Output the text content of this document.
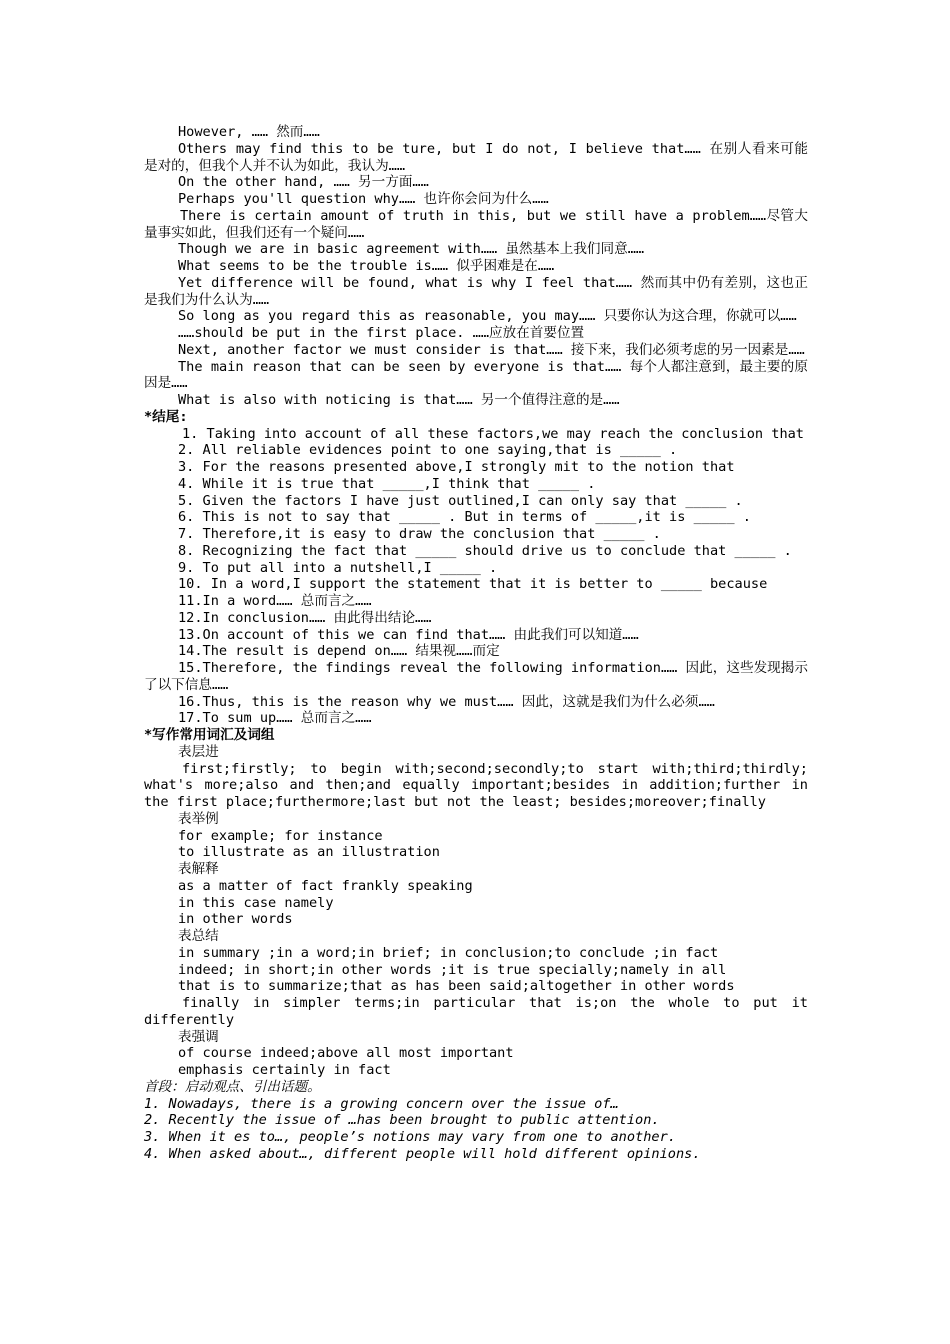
However, …… 然而……
Others may find this to be ture, but I do not, I believe that…… 在别人看来可能是对的，但我个人并不认为如此，我认为……
On the other hand, …… 另一方面……
Perhaps you'll question why…… 也许你会问为什么……
There is certain amount of truth in this, but we still have a problem……尽管大量事实如此，但我们还有一个疑问……
Though we are in basic agreement with…… 虽然基本上我们同意……
What seems to be the trouble is…… 似乎困难是在……
Yet difference will be found, what is why I feel that…… 然而其中仍有差别，这也正是我们为什么认为……
So long as you regard this as reasonable, you may…… 只要你认为这合理，你就可以……
……should be put in the first place. ……应放在首要位置
Next, another factor we must consider is that…… 接下来，我们必须考虑的另一因素是……
The main reason that can be seen by everyone is that…… 每个人都注意到，最主要的原因是……
What is also with noticing is that…… 另一个值得注意的是……
*结尾:
1. Taking into account of all these factors,we may reach the conclusion that
2. All reliable evidences point to one saying,that is _____ .
3. For the reasons presented above,I strongly mit to the notion that
4. While it is true that _____,I think that _____ .
5. Given the factors I have just outlined,I can only say that _____ .
6. This is not to say that _____ . But in terms of _____,it is _____ .
7. Therefore,it is easy to draw the conclusion that _____ .
8. Recognizing the fact that _____ should drive us to conclude that _____ .
9. To put all into a nutshell,I _____ .
10. In a word,I support the statement that it is better to _____ because
11.In a word…… 总而言之……
12.In conclusion…… 由此得出结论……
13.On account of this we can find that…… 由此我们可以知道……
14.The result is depend on…… 结果视……而定
15.Therefore, the findings reveal the following information…… 因此，这些发现揭示了以下信息……
16.Thus, this is the reason why we must…… 因此，这就是我们为什么必须……
17.To sum up…… 总而言之……
*写作常用词汇及词组
表层进
first;firstly; to begin with;second;secondly;to start with;third;thirdly; what's more;also and then;and equally important;besides in addition;further in the first place;furthermore;last but not the least; besides;moreover;finally
表举例
for example; for instance
to illustrate as an illustration
表解释
as a matter of fact frankly speaking
in this case namely
in other words
表总结
in summary ;in a word;in brief; in conclusion;to conclude ;in fact
indeed; in short;in other words ;it is true specially;namely in all
that is to summarize;that as has been said;altogether in other words
finally in simpler terms;in particular that is;on the whole to put it differently
表强调
of course indeed;above all most important
emphasis certainly in fact
首段：启动观点、引出话题。
1. Nowadays, there is a growing concern over the issue of…
2. Recently the issue of …has been brought to public attention.
3. When it es to…, people’s notions may vary from one to another.
4. When asked about…, different people will hold different opinions.
